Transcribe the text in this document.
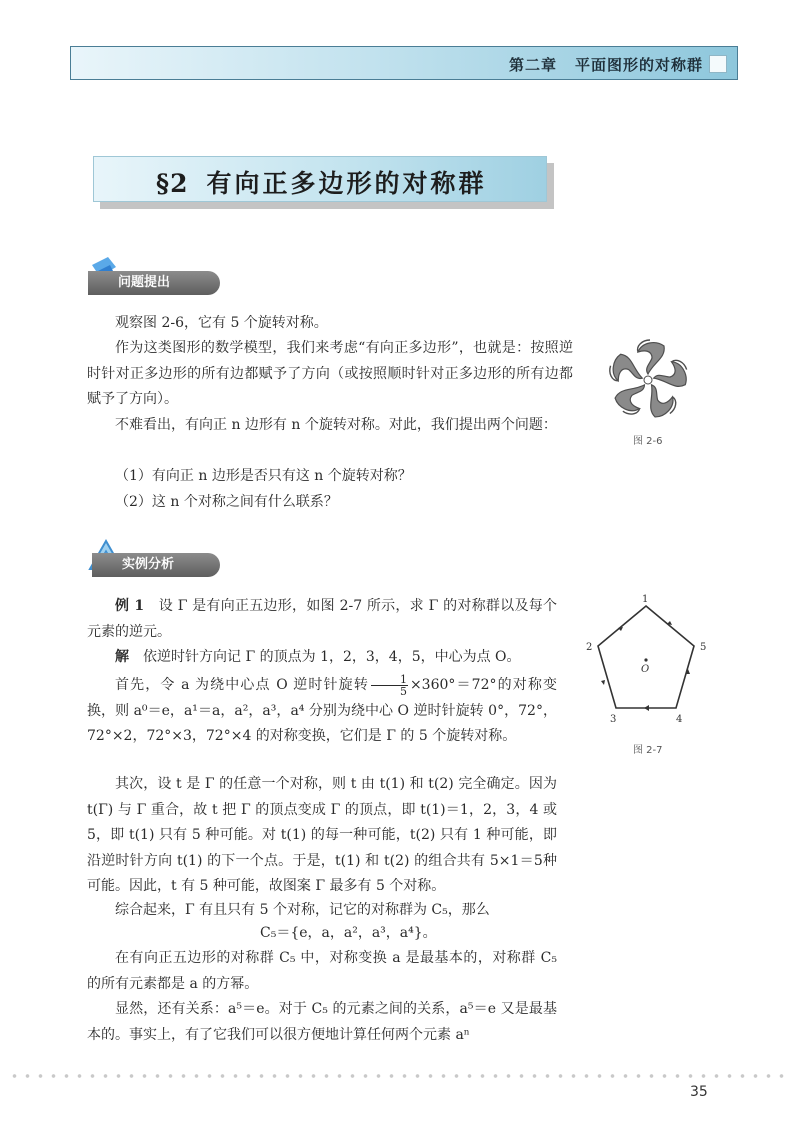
第二章 平面图形的对称群
§2 有向正多边形的对称群
问题提出

观察图 2-6，它有 5 个旋转对称。

作为这类图形的数学模型，我们来考虑“有向正多边形”，也就是：按照逆时针对正多边形的所有边都赋予了方向（或按照顺时针对正多边形的所有边都赋予了方向）。

不难看出，有向正 n 边形有 n 个旋转对称。对此，我们提出两个问题：

（1）有向正 n 边形是否只有这 n 个旋转对称？

（2）这 n 个对称之间有什么联系？

图 2-6
实例分析

例 1　 设 Γ 是有向正五边形，如图 2-7 所示，求 Γ 的对称群以及每个元素的逆元。

解　 依逆时针方向记 Γ 的顶点为 1，2，3，4，5，中心为点 O。

首先，令 a 为绕中心点 O 逆时针旋转 $\frac{1}{5} \times 360^\circ=72^\circ$的对称变换，则 a⁰＝e，a¹＝a，a²，a³，a⁴ 分别为绕中心 O 逆时针旋转 0°，72°，72°×2，72°×3，72°×4 的对称变换，它们是 Γ 的 5 个旋转对称。

其次，设 t 是 Γ 的任意一个对称，则 t 由 t(1) 和 t(2) 完全确定。因为 t(Γ) 与 Γ 重合，故 t 把 Γ 的顶点变成 Γ 的顶点，即 t(1)＝1，2，3，4 或 5，即 t(1) 只有 5 种可能。对 t(1) 的每一种可能，t(2) 只有 1 种可能，即沿逆时针方向 t(1) 的下一个点。于是，t(1) 和 t(2) 的组合共有 5×1＝5种可能。因此，t 有 5 种可能，故图案 Γ 最多有 5 个对称。

综合起来，Γ 有且只有 5 个对称，记它的对称群为 C₅，那么

C₅＝{e，a，a²，a³，a⁴}。

在有向正五边形的对称群 C₅ 中，对称变换 a 是最基本的，对称群 C₅ 的所有元素都是 a 的方幂。

显然，还有关系：a⁵＝e。对于 C₅ 的元素之间的关系，a⁵＝e 又是最基本的。事实上，有了它我们可以很方便地计算任何两个元素 aⁿ

1
2
3	4
5
O
图 2-7
35
